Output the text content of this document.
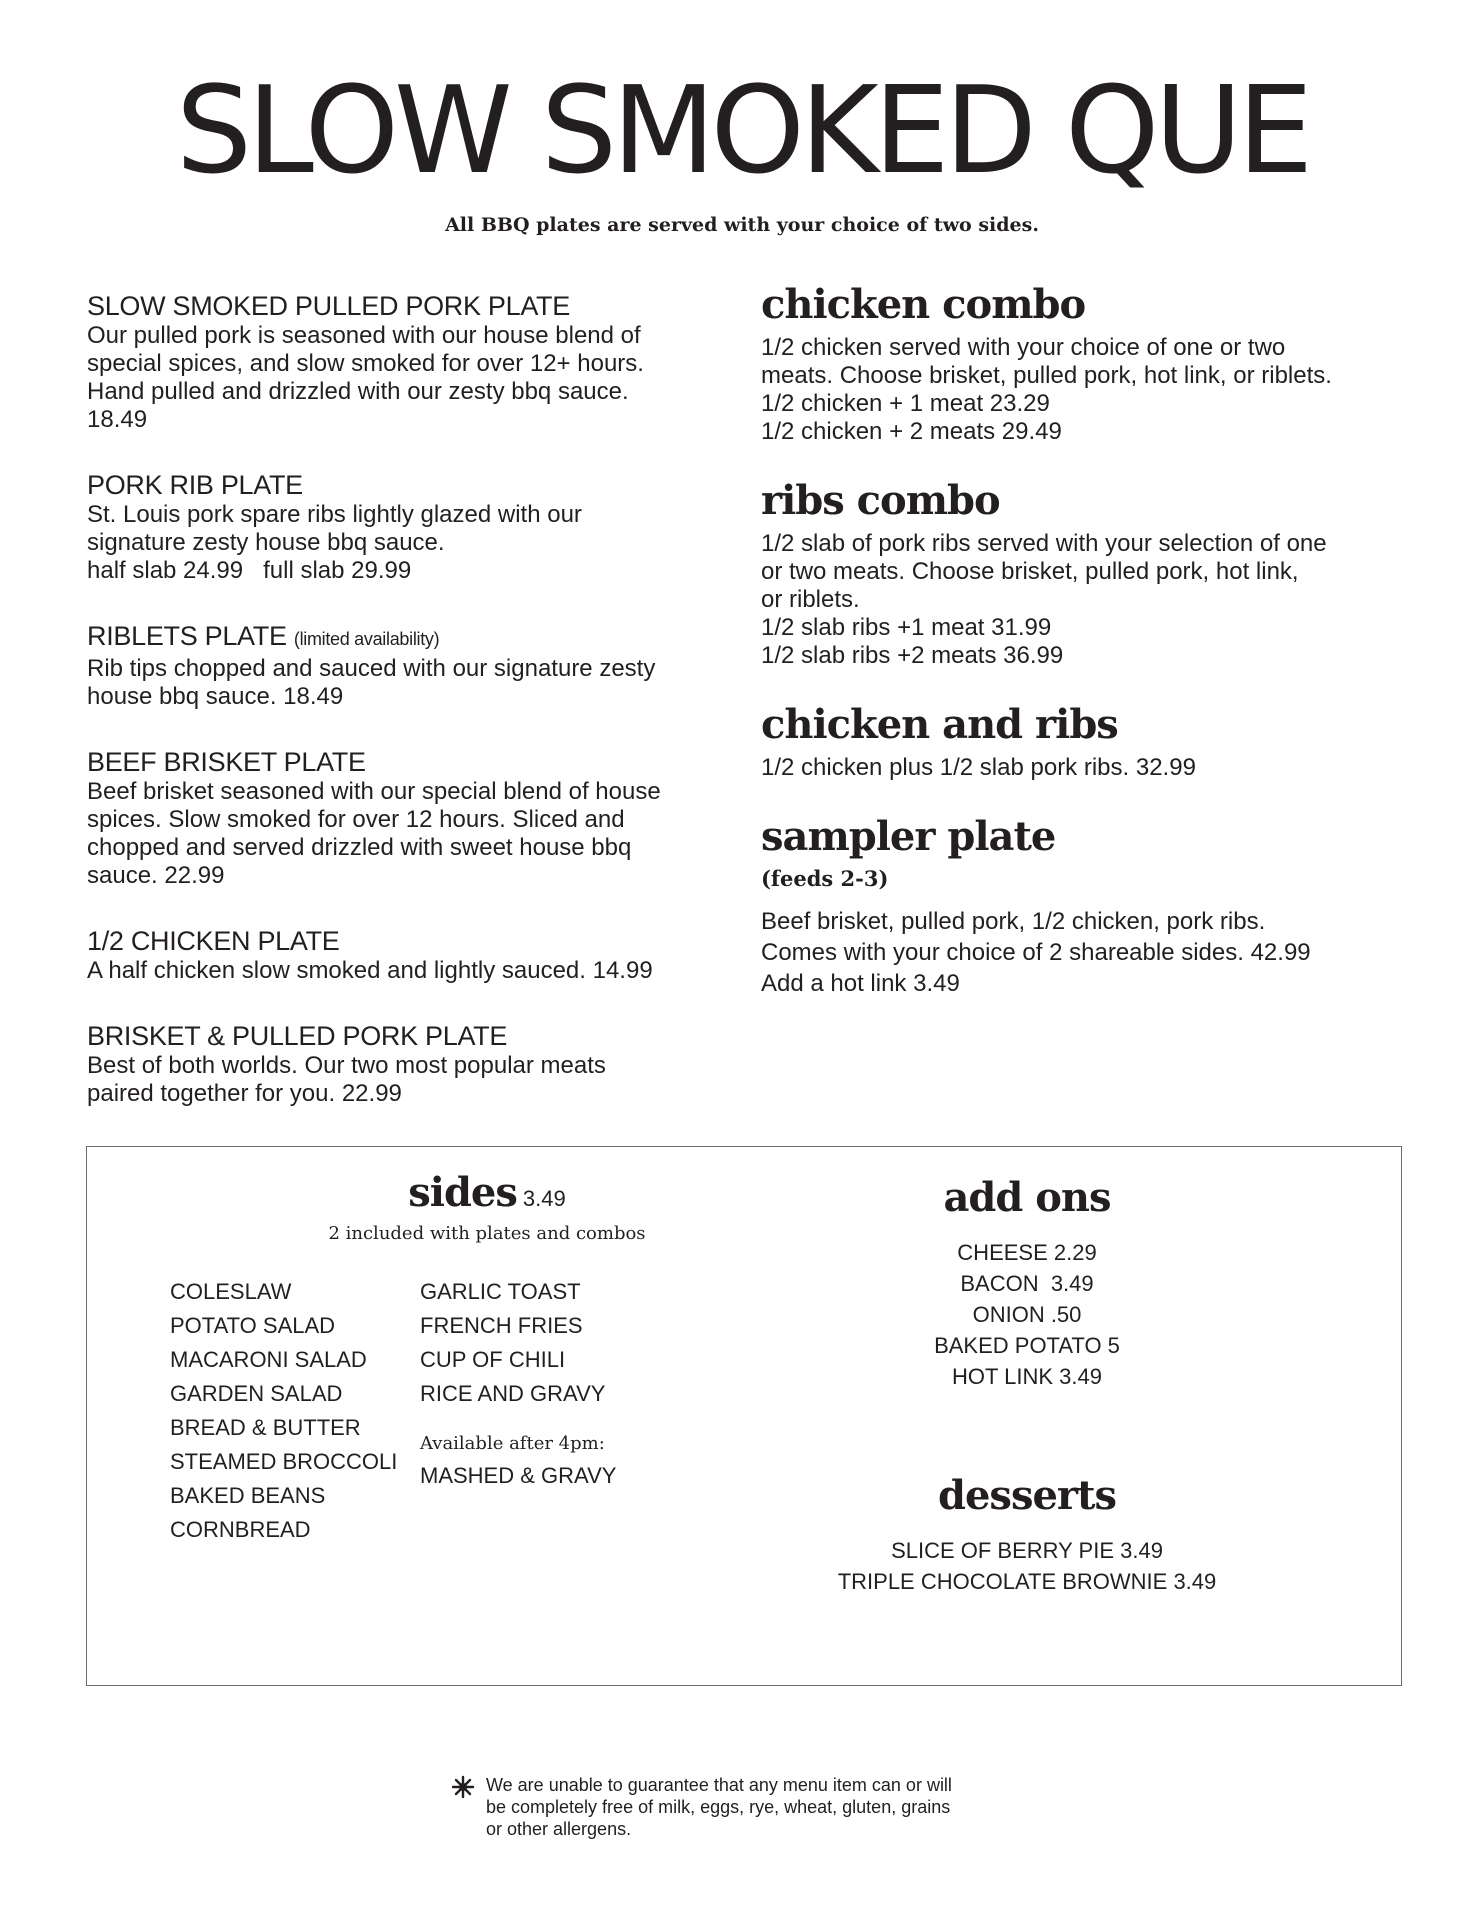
SLOW SMOKED QUE
All BBQ plates are served with your choice of two sides.
SLOW SMOKED PULLED PORK PLATE
Our pulled pork is seasoned with our house blend of
special spices, and slow smoked for over 12+ hours.
Hand pulled and drizzled with our zesty bbq sauce.
18.49
PORK RIB PLATE
St. Louis pork spare ribs lightly glazed with our
signature zesty house bbq sauce.
half slab 24.99   full slab 29.99
RIBLETS PLATE (limited availability)
Rib tips chopped and sauced with our signature zesty
house bbq sauce. 18.49
BEEF BRISKET PLATE
Beef brisket seasoned with our special blend of house
spices. Slow smoked for over 12 hours. Sliced and
chopped and served drizzled with sweet house bbq
sauce. 22.99
1/2 CHICKEN PLATE
A half chicken slow smoked and lightly sauced. 14.99
BRISKET & PULLED PORK PLATE
Best of both worlds. Our two most popular meats
paired together for you. 22.99
chicken combo
1/2 chicken served with your choice of one or two
meats. Choose brisket, pulled pork, hot link, or riblets.
1/2 chicken + 1 meat 23.29
1/2 chicken + 2 meats 29.49
ribs combo
1/2 slab of pork ribs served with your selection of one
or two meats. Choose brisket, pulled pork, hot link,
or riblets.
1/2 slab ribs +1 meat 31.99
1/2 slab ribs +2 meats 36.99
chicken and ribs
1/2 chicken plus 1/2 slab pork ribs. 32.99
sampler plate
(feeds 2-3)
Beef brisket, pulled pork, 1/2 chicken, pork ribs.
Comes with your choice of 2 shareable sides. 42.99
Add a hot link 3.49
sides 3.49
2 included with plates and combos
COLESLAW
POTATO SALAD
MACARONI SALAD
GARDEN SALAD
BREAD & BUTTER
STEAMED BROCCOLI
BAKED BEANS
CORNBREAD
GARLIC TOAST
FRENCH FRIES
CUP OF CHILI
RICE AND GRAVY
Available after 4pm:
MASHED & GRAVY
add ons
CHEESE 2.29
BACON  3.49
ONION .50
BAKED POTATO 5
HOT LINK 3.49
desserts
SLICE OF BERRY PIE 3.49
TRIPLE CHOCOLATE BROWNIE 3.49
We are unable to guarantee that any menu item can or will
be completely free of milk, eggs, rye, wheat, gluten, grains
or other allergens.
